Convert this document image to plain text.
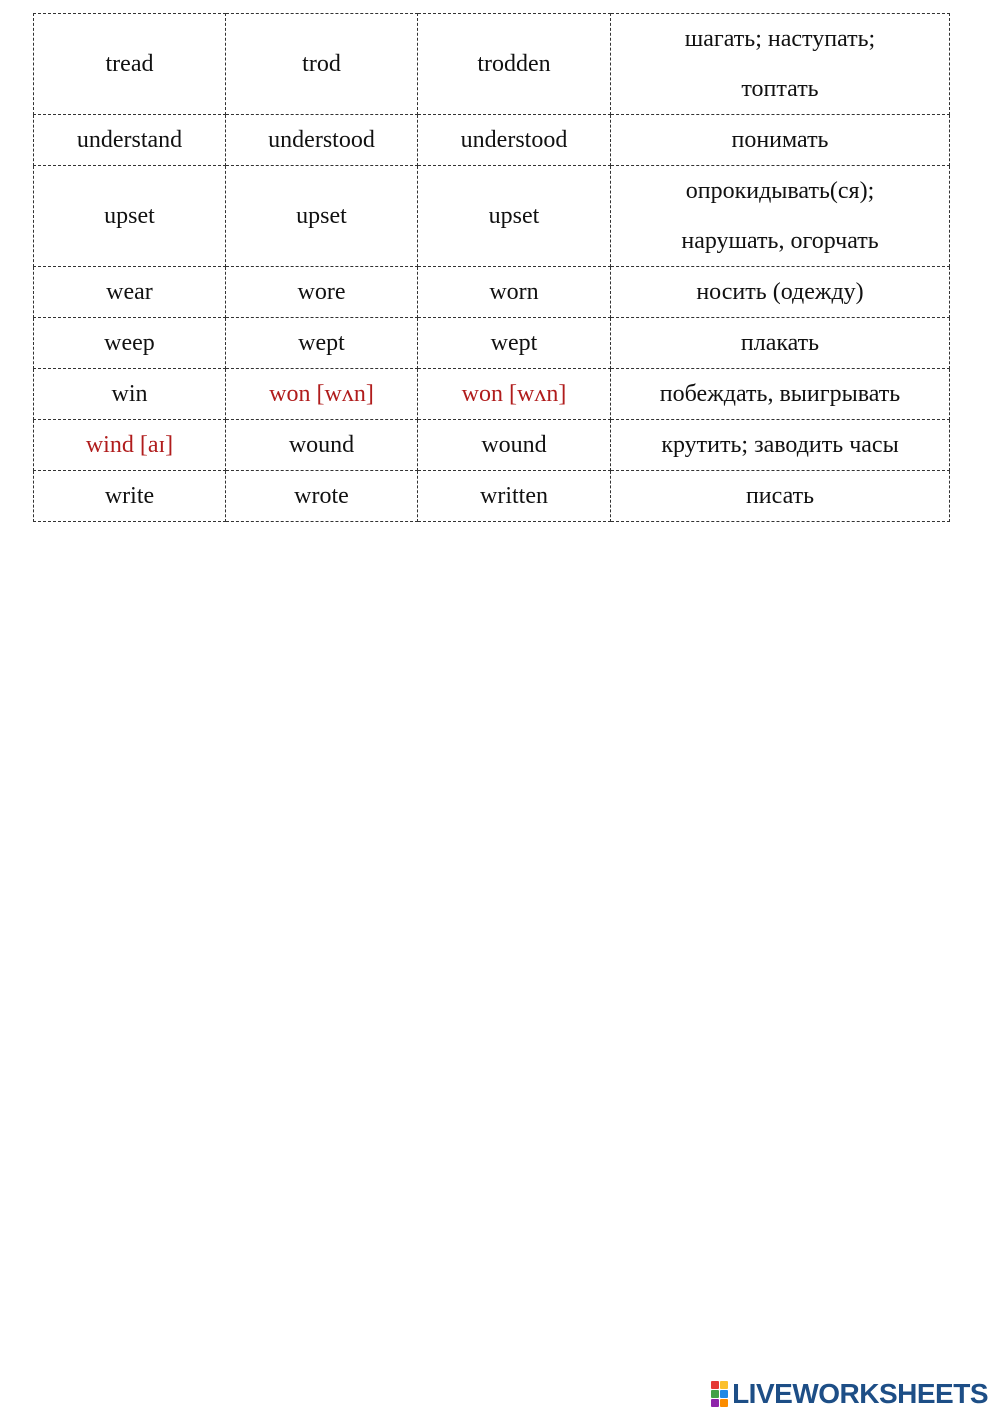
tread	trod	trodden	шагать; наступать;
топтать

understand	understood	understood	понимать

upset	upset	upset	опрокидывать(ся);
нарушать, огорчать

wear	wore	worn	носить (одежду)

weep	wept	wept	плакать

win	won [wʌn]	won [wʌn]	побеждать, выигрывать

wind [aɪ]	wound	wound	крутить; заводить часы

write	wrote	written	писать
LIVEWORKSHEETS
